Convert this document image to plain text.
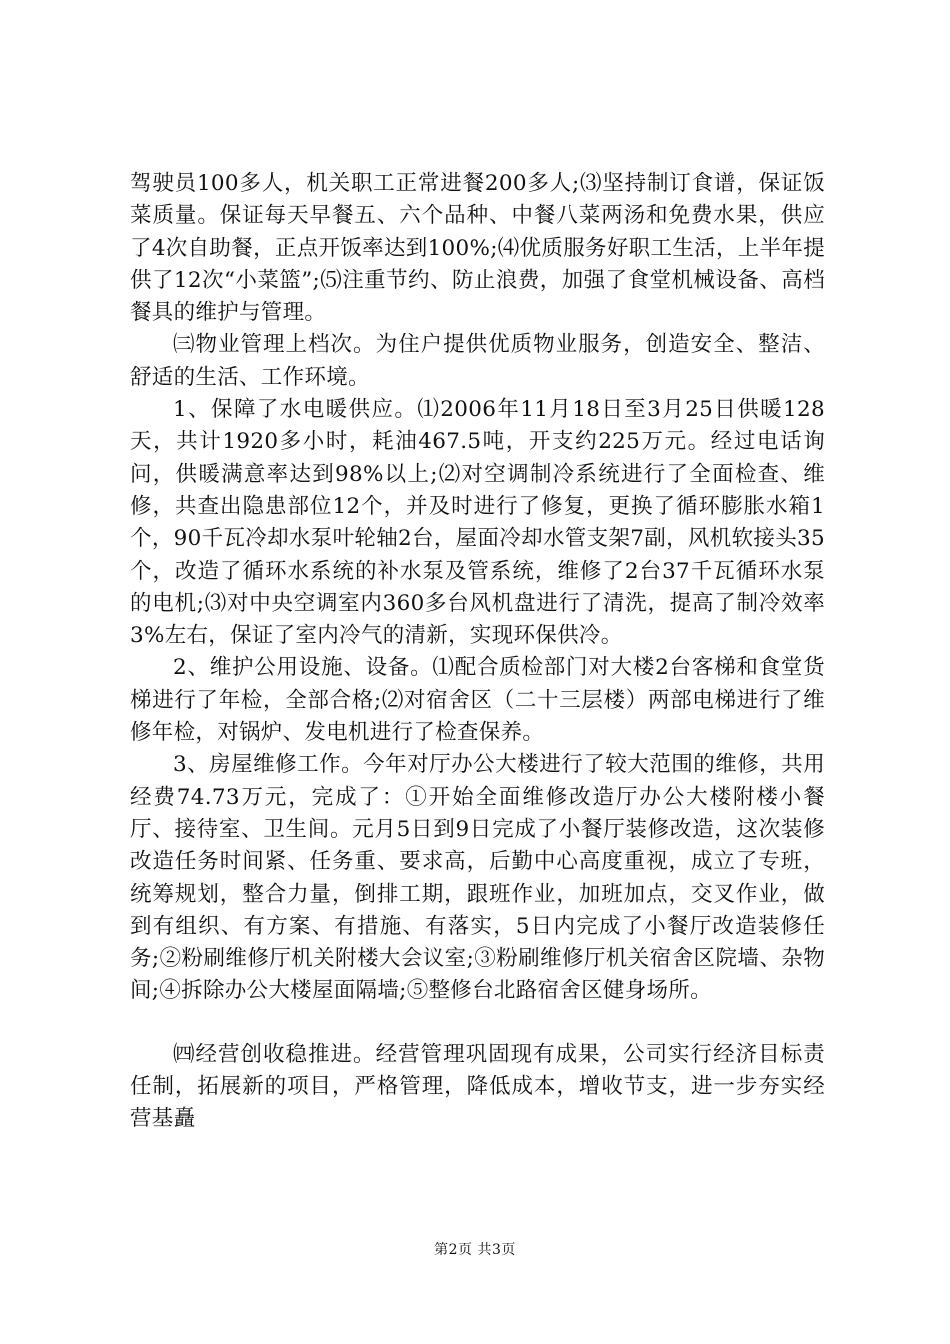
驾驶员100多人，机关职工正常进餐200多人;⑶坚持制订食谱，保证饭菜质量。保证每天早餐五、六个品种、中餐八菜两汤和免费水果，供应了4次自助餐，正点开饭率达到100%;⑷优质服务好职工生活，上半年提供了12次“小菜篮”;⑸注重节约、防止浪费，加强了食堂机械设备、高档餐具的维护与管理。

㈢物业管理上档次。为住户提供优质物业服务，创造安全、整洁、舒适的生活、工作环境。

1、保障了水电暖供应。⑴2006年11月18日至3月25日供暖128天，共计1920多小时，耗油467.5吨，开支约225万元。经过电话询问，供暖满意率达到98%以上;⑵对空调制冷系统进行了全面检查、维修，共查出隐患部位12个，并及时进行了修复，更换了循环膨胀水箱1个，90千瓦冷却水泵叶轮轴2台，屋面冷却水管支架7副，风机软接头35个，改造了循环水系统的补水泵及管系统，维修了2台37千瓦循环水泵的电机;⑶对中央空调室内360多台风机盘进行了清洗，提高了制冷效率3%左右，保证了室内冷气的清新，实现环保供冷。

2、维护公用设施、设备。⑴配合质检部门对大楼2台客梯和食堂货梯进行了年检，全部合格;⑵对宿舍区（二十三层楼）两部电梯进行了维修年检，对锅炉、发电机进行了检查保养。

3、房屋维修工作。今年对厅办公大楼进行了较大范围的维修，共用经费74.73万元，完成了：①开始全面维修改造厅办公大楼附楼小餐厅、接待室、卫生间。元月5日到9日完成了小餐厅装修改造，这次装修改造任务时间紧、任务重、要求高，后勤中心高度重视，成立了专班，统筹规划，整合力量，倒排工期，跟班作业，加班加点，交叉作业，做到有组织、有方案、有措施、有落实，5日内完成了小餐厅改造装修任务;②粉刷维修厅机关附楼大会议室;③粉刷维修厅机关宿舍区院墙、杂物间;④拆除办公大楼屋面隔墙;⑤整修台北路宿舍区健身场所。

㈣经营创收稳推进。经营管理巩固现有成果，公司实行经济目标责任制，拓展新的项目，严格管理，降低成本，增收节支，进一步夯实经营基矗

第2页 共3页
